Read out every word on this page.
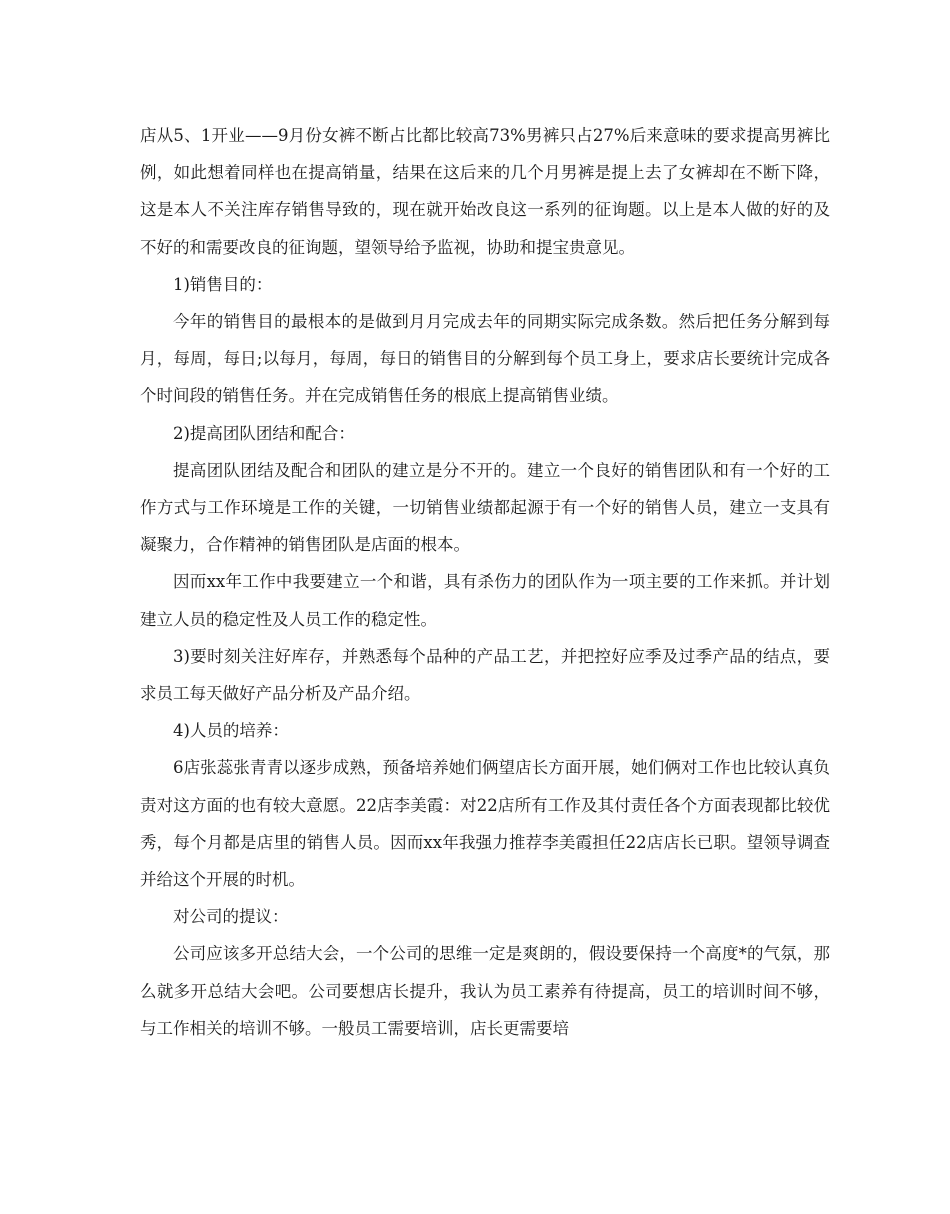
店从5、1开业——9月份女裤不断占比都比较高73%男裤只占27%后来意味的要求提高男裤比例，如此想着同样也在提高销量，结果在这后来的几个月男裤是提上去了女裤却在不断下降，这是本人不关注库存销售导致的，现在就开始改良这一系列的征询题。以上是本人做的好的及不好的和需要改良的征询题，望领导给予监视，协助和提宝贵意见。

1)销售目的：

今年的销售目的最根本的是做到月月完成去年的同期实际完成条数。然后把任务分解到每月，每周，每日;以每月，每周，每日的销售目的分解到每个员工身上，要求店长要统计完成各个时间段的销售任务。并在完成销售任务的根底上提高销售业绩。

2)提高团队团结和配合：

提高团队团结及配合和团队的建立是分不开的。建立一个良好的销售团队和有一个好的工作方式与工作环境是工作的关键，一切销售业绩都起源于有一个好的销售人员，建立一支具有凝聚力，合作精神的销售团队是店面的根本。

因而xx年工作中我要建立一个和谐，具有杀伤力的团队作为一项主要的工作来抓。并计划建立人员的稳定性及人员工作的稳定性。

3)要时刻关注好库存，并熟悉每个品种的产品工艺，并把控好应季及过季产品的结点，要求员工每天做好产品分析及产品介绍。

4)人员的培养：

6店张蕊张青青以逐步成熟，预备培养她们俩望店长方面开展，她们俩对工作也比较认真负责对这方面的也有较大意愿。22店李美霞：对22店所有工作及其付责任各个方面表现都比较优秀，每个月都是店里的销售人员。因而xx年我强力推荐李美霞担任22店店长已职。望领导调查并给这个开展的时机。

对公司的提议：

公司应该多开总结大会，一个公司的思维一定是爽朗的，假设要保持一个高度*的气氛，那么就多开总结大会吧。公司要想店长提升，我认为员工素养有待提高，员工的培训时间不够，与工作相关的培训不够。一般员工需要培训，店长更需要培
